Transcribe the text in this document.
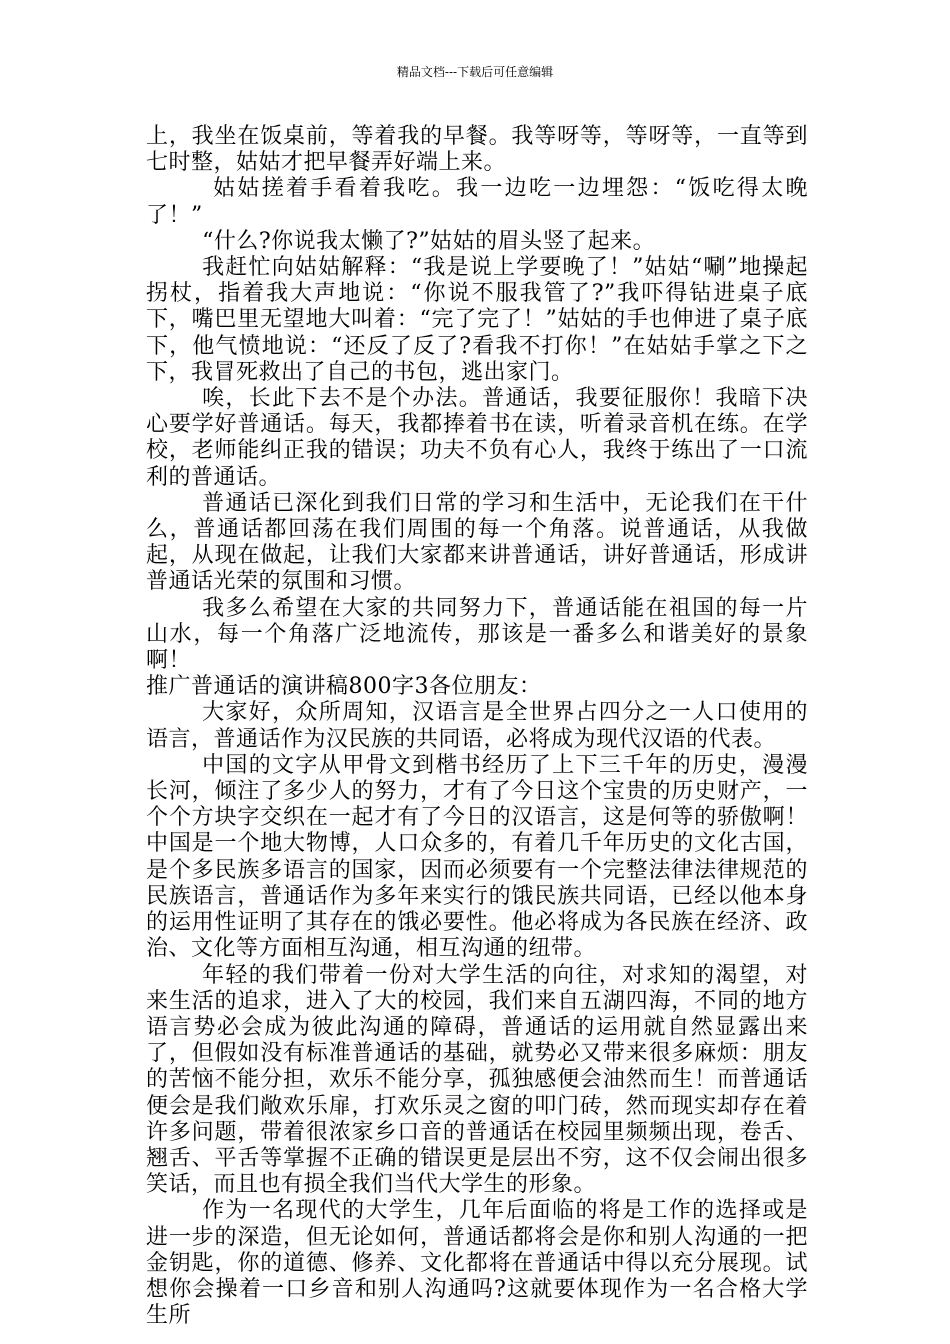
精品文档---下载后可任意编辑

上，我坐在饭桌前，等着我的早餐。我等呀等，等呀等，一直等到七时整，姑姑才把早餐弄好端上来。

姑姑搓着手看着我吃。我一边吃一边埋怨：“饭吃得太晚了！”

“什么?你说我太懒了?”姑姑的眉头竖了起来。

我赶忙向姑姑解释：“我是说上学要晚了！”姑姑“唰”地操起拐杖，指着我大声地说：“你说不服我管了?”我吓得钻进桌子底下，嘴巴里无望地大叫着：“完了完了！”姑姑的手也伸进了桌子底下，他气愤地说：“还反了反了?看我不打你！”在姑姑手掌之下之下，我冒死救出了自己的书包，逃出家门。

唉，长此下去不是个办法。普通话，我要征服你！我暗下决心要学好普通话。每天，我都捧着书在读，听着录音机在练。在学校，老师能纠正我的错误；功夫不负有心人，我终于练出了一口流利的普通话。

普通话已深化到我们日常的学习和生活中，无论我们在干什么，普通话都回荡在我们周围的每一个角落。说普通话，从我做起，从现在做起，让我们大家都来讲普通话，讲好普通话，形成讲普通话光荣的氛围和习惯。

我多么希望在大家的共同努力下，普通话能在祖国的每一片山水，每一个角落广泛地流传，那该是一番多么和谐美好的景象啊！

推广普通话的演讲稿800字3各位朋友：

大家好，众所周知，汉语言是全世界占四分之一人口使用的语言，普通话作为汉民族的共同语，必将成为现代汉语的代表。

中国的文字从甲骨文到楷书经历了上下三千年的历史，漫漫长河，倾注了多少人的努力，才有了今日这个宝贵的历史财产，一个个方块字交织在一起才有了今日的汉语言，这是何等的骄傲啊！中国是一个地大物博，人口众多的，有着几千年历史的文化古国，是个多民族多语言的国家，因而必须要有一个完整法律法律规范的民族语言，普通话作为多年来实行的饿民族共同语，已经以他本身的运用性证明了其存在的饿必要性。他必将成为各民族在经济、政治、文化等方面相互沟通，相互沟通的纽带。

年轻的我们带着一份对大学生活的向往，对求知的渴望，对来生活的追求，进入了大的校园，我们来自五湖四海，不同的地方语言势必会成为彼此沟通的障碍，普通话的运用就自然显露出来了，但假如没有标准普通话的基础，就势必又带来很多麻烦：朋友的苦恼不能分担，欢乐不能分享，孤独感便会油然而生！而普通话便会是我们敞欢乐扉，打欢乐灵之窗的叩门砖，然而现实却存在着许多问题，带着很浓家乡口音的普通话在校园里频频出现，卷舌、翘舌、平舌等掌握不正确的错误更是层出不穷，这不仅会闹出很多笑话，而且也有损全我们当代大学生的形象。

作为一名现代的大学生，几年后面临的将是工作的选择或是进一步的深造，但无论如何，普通话都将会是你和别人沟通的一把金钥匙，你的道德、修养、文化都将在普通话中得以充分展现。试想你会操着一口乡音和别人沟通吗?这就要体现作为一名合格大学生所
